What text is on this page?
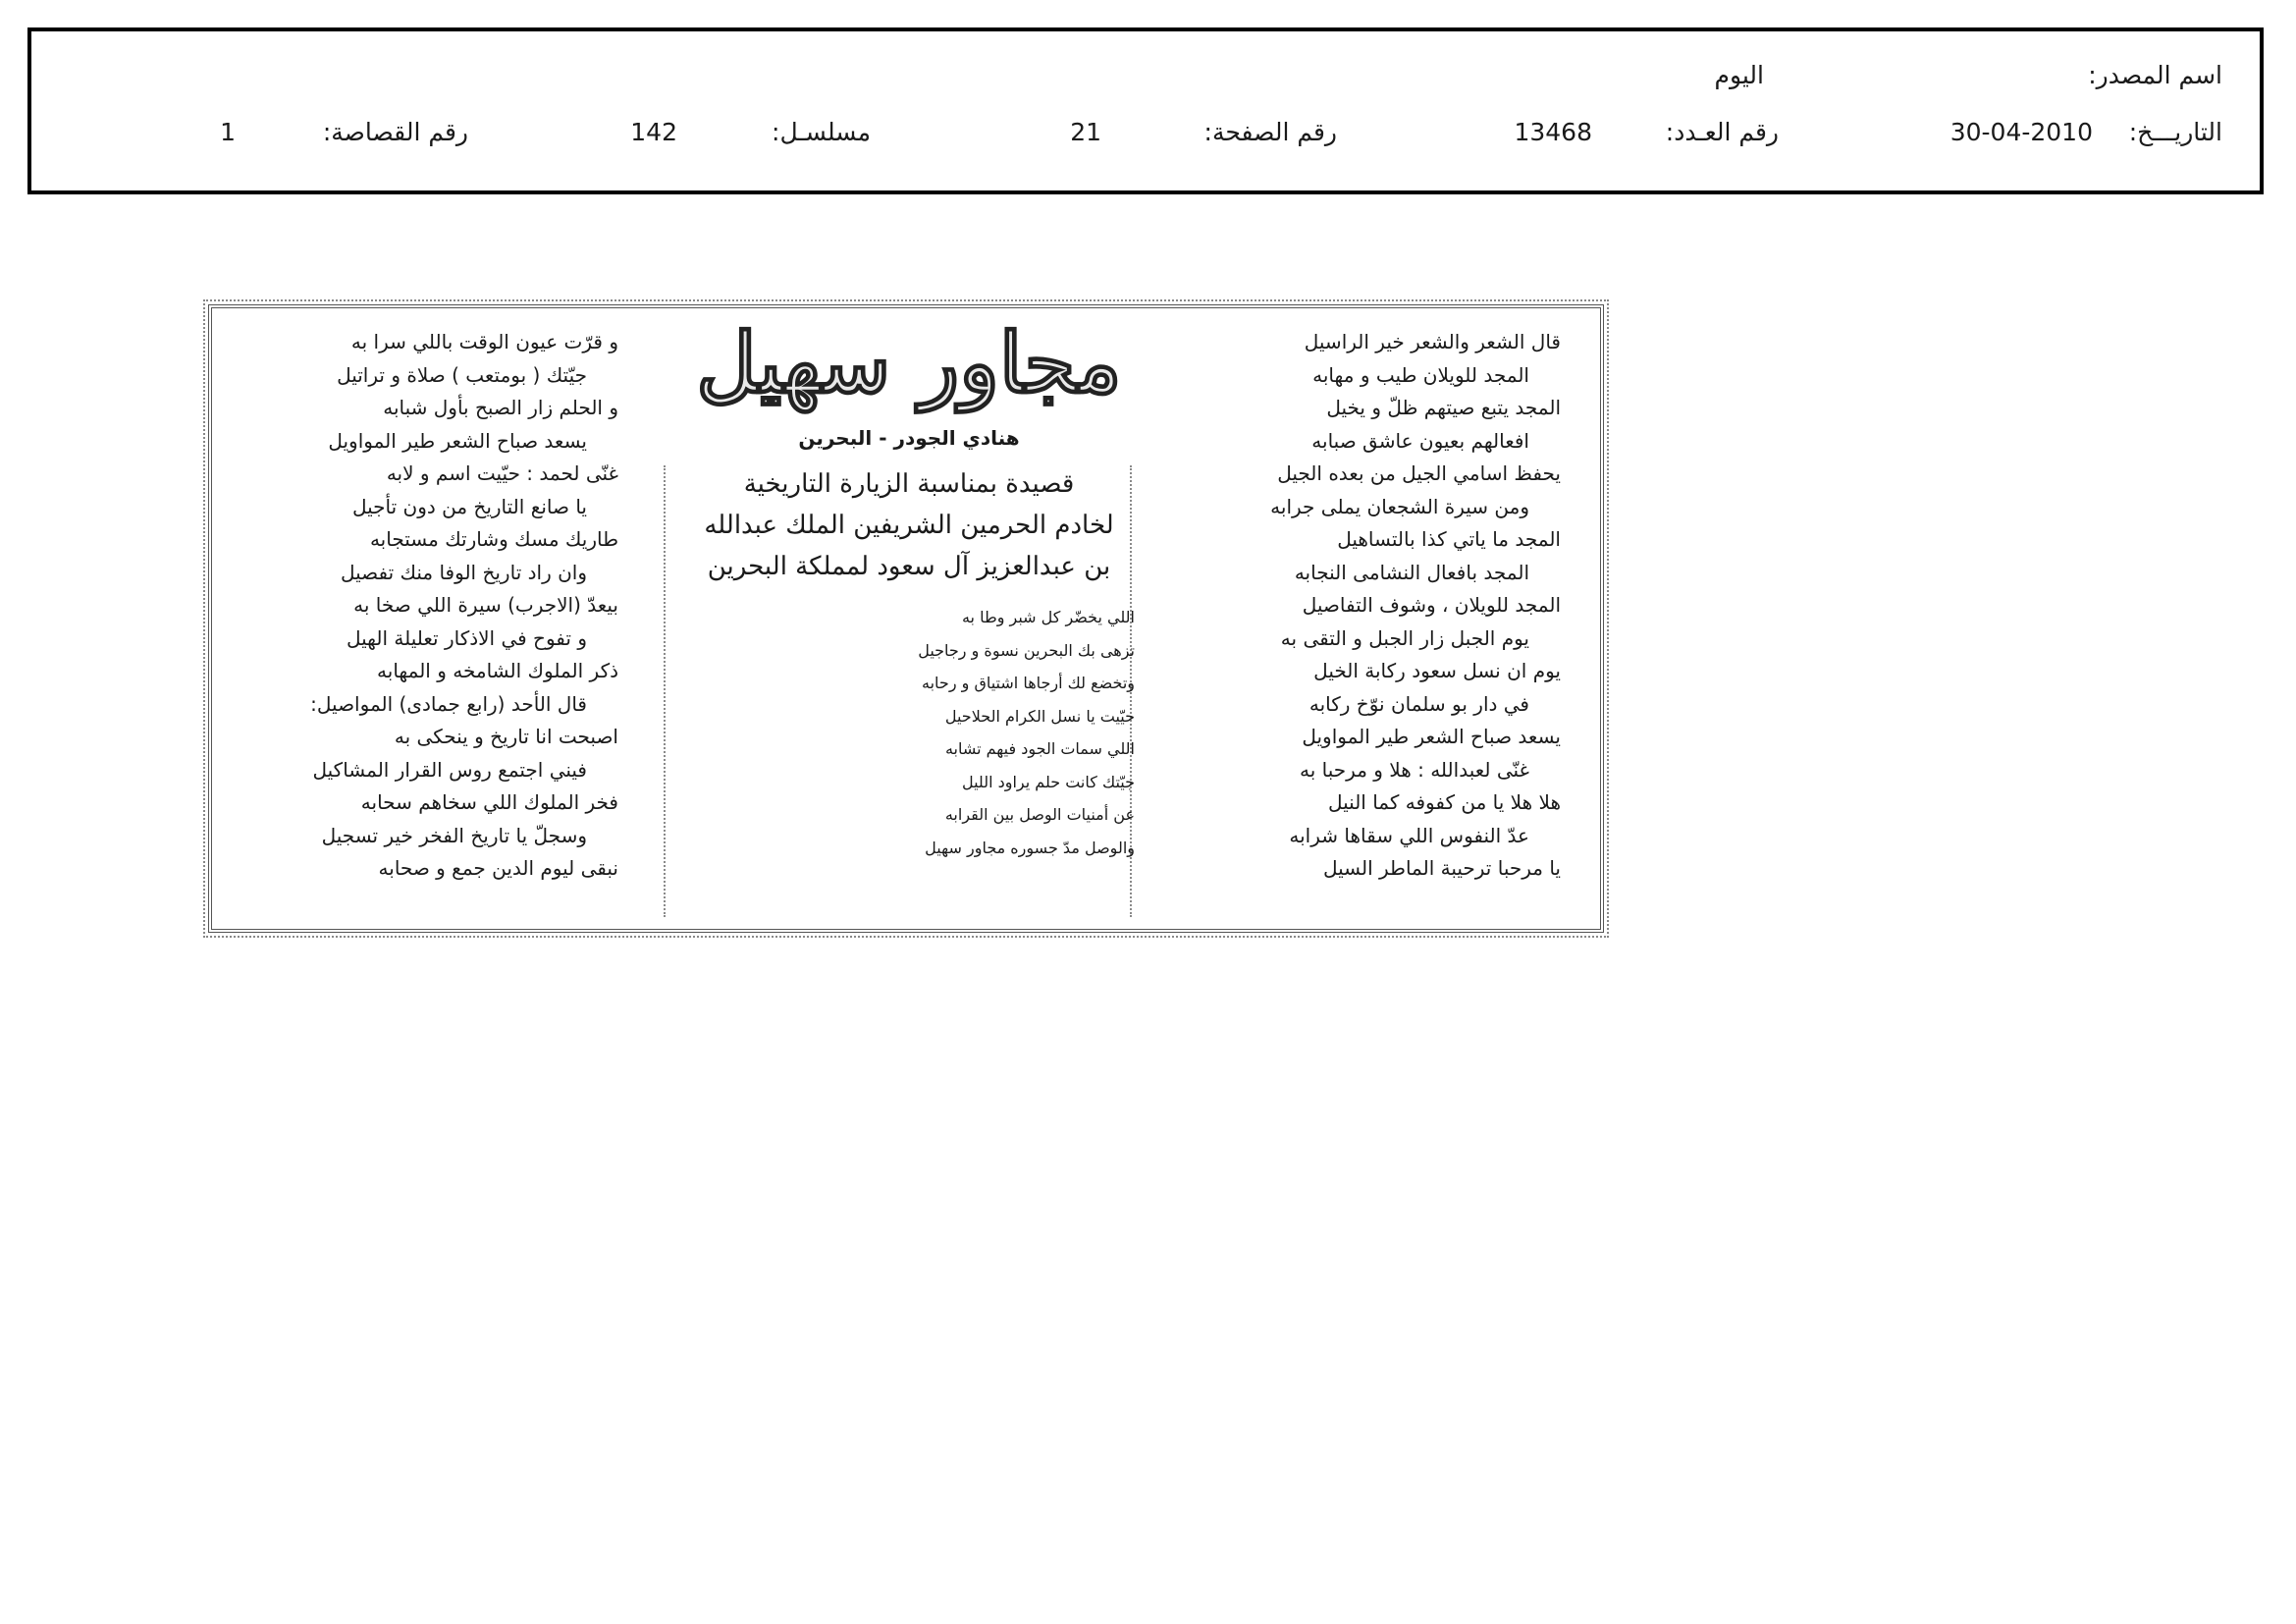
اسم المصدر:
اليوم
التاريـــخ:
30-04-2010
رقم العـدد:
13468
رقم الصفحة:
21
مسلسـل:
142
رقم القصاصة:
1
قال الشعر والشعر خير الراسيل
المجد للويلان طيب و مهابه
المجد يتبع صيتهم ظلّ و يخيل
افعالهم بعيون عاشق صبابه
يحفظ اسامي الجيل من بعده الجيل
ومن سيرة الشجعان يملى جرابه
المجد ما ياتي كذا بالتساهيل
المجد بافعال النشامى النجابه
المجد للويلان ، وشوف التفاصيل
يوم الجبل زار الجبل و التقى به
يوم ان نسل سعود ركابة الخيل
في دار بو سلمان نوّخ ركابه
يسعد صباح الشعر طير المواويل
غنّى لعبدالله : هلا و مرحبا به
هلا هلا يا من كفوفه كما النيل
عدّ النفوس اللي سقاها شرابه
يا مرحبا ترحيبة الماطر السيل
مجاور سهيل
هنادي الجودر - البحرين
قصيدة بمناسبة الزيارة التاريخية
لخادم الحرمين الشريفين الملك عبدالله
بن عبدالعزيز آل سعود لمملكة البحرين
اللي يخضّر كل شبر وطا به
تزهى بك البحرين نسوة و رجاجيل
وتخضع لك أرجاها اشتياق و رحابه
حيّيت يا نسل الكرام الحلاحيل
اللي سمات الجود فيهم تشابه
جيّتك كانت حلم يراود الليل
عن أمنيات الوصل بين القرابه
والوصل مدّ جسوره مجاور سهيل
و قرّت عيون الوقت باللي سرا به
جيّتك ( بومتعب ) صلاة و تراتيل
و الحلم زار الصبح بأول شبابه
يسعد صباح الشعر طير المواويل
غنّى لحمد : حيّيت اسم و لابه
يا صانع التاريخ من دون تأجيل
طاريك مسك وشارتك مستجابه
وان راد تاريخ الوفا منك تفصيل
بيعدّ (الاجرب) سيرة اللي صخا به
و تفوح في الاذكار تعليلة الهيل
ذكر الملوك الشامخه و المهابه
قال الأحد (رابع جمادى) المواصيل:
اصبحت انا تاريخ و ينحكى به
فيني اجتمع روس القرار المشاكيل
فخر الملوك اللي سخاهم سحابه
وسجلّ يا تاريخ الفخر خير تسجيل
نبقى ليوم الدين جمع و صحابه
